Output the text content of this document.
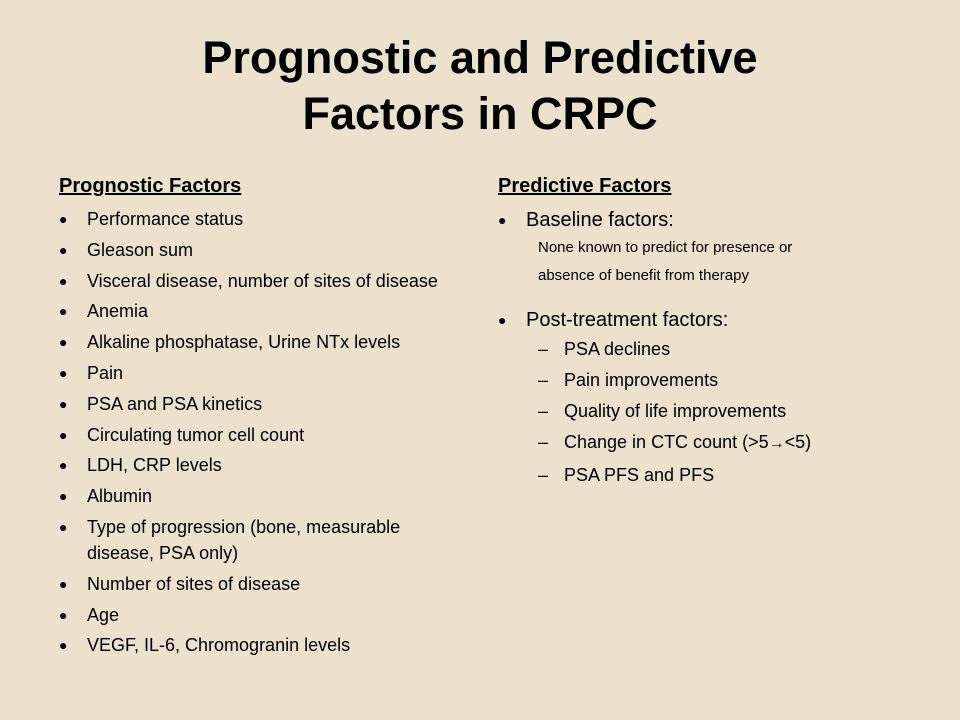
Prognostic and Predictive
Factors in CRPC
Prognostic Factors
●	Performance status
●	Gleason sum
●	Visceral disease, number of sites of disease
●	Anemia
●	Alkaline phosphatase, Urine NTx levels
●	Pain
●	PSA and PSA kinetics
●	Circulating tumor cell count
●	LDH, CRP levels
●	Albumin
●	Type of progression (bone, measurable disease, PSA only)
●	Number of sites of disease
●	Age
●	VEGF, IL-6, Chromogranin levels
Predictive Factors
● Baseline factors:
None known to predict for presence or
absence of benefit from therapy
● Post-treatment factors:
– PSA declines
– Pain improvements
– Quality of life improvements
– Change in CTC count (>5→<5)
– PSA PFS and PFS
